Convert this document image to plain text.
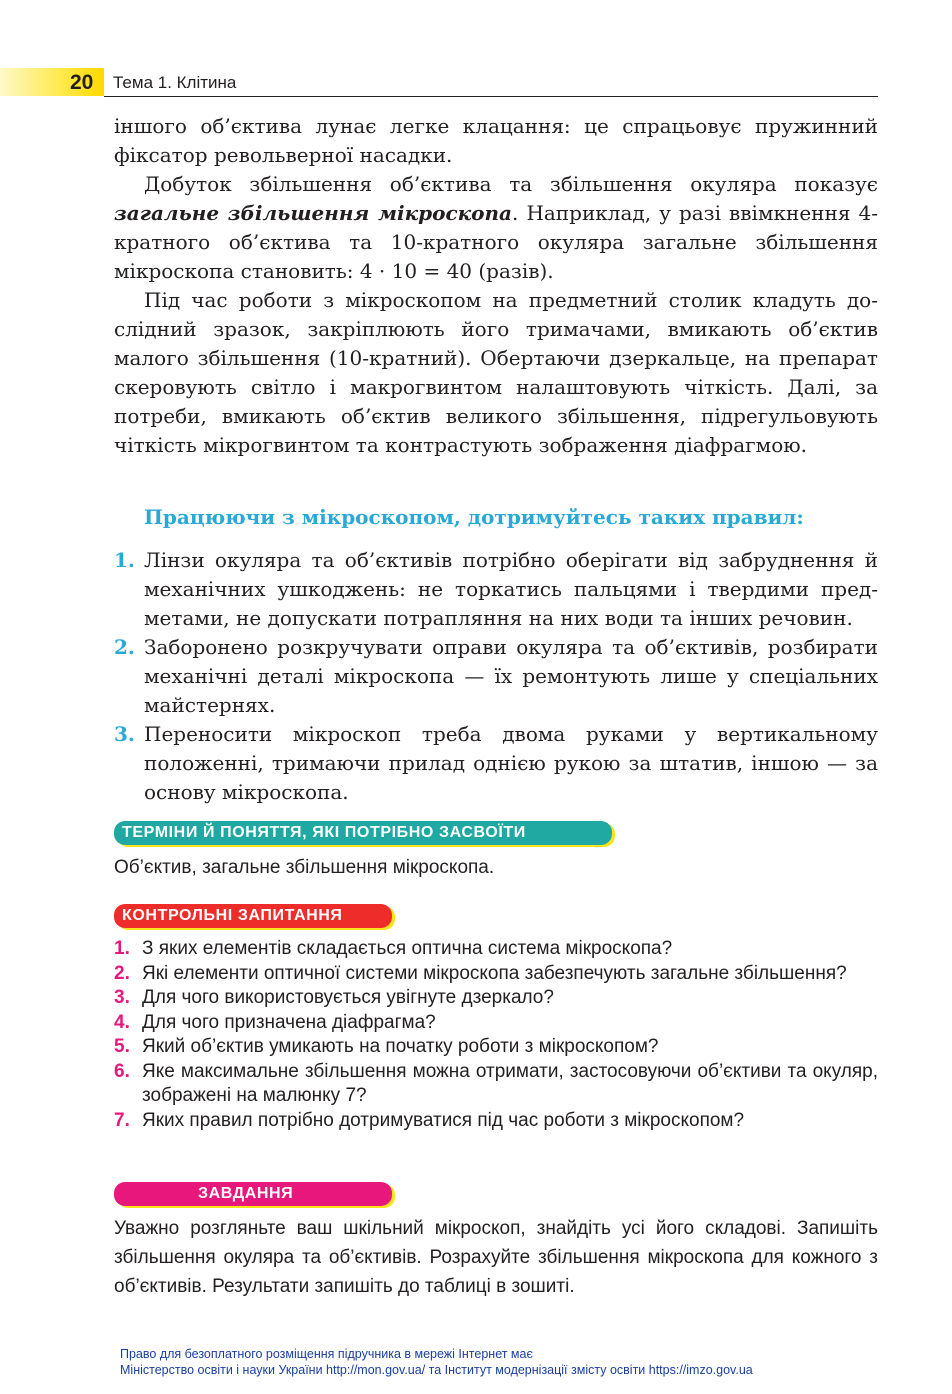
20	Тема 1. Клітина

іншого об’єктива лунає легке клацання: це спрацьовує пружинний фіксатор револьверної насадки.

Добуток збільшення об’єктива та збільшення окуляра показує загальне збільшення мікроскопа. Наприклад, у разі ввімкнення 4-кратного об’єктива та 10-кратного окуляра загальне збільшення мікроскопа становить: 4 · 10 = 40 (разів).

Під час роботи з мікроскопом на предметний столик кладуть дослідний зразок, закріплюють його тримачами, вмикають об’єктив малого збільшення (10-кратний). Обертаючи дзеркальце, на препарат скеровують світло і макрогвинтом налаштовують чіткість. Далі, за потреби, вмикають об’єктив великого збільшення, підрегульовують чіткість мікрогвинтом та контрастують зображення діафрагмою.

Працюючи з мікроскопом, дотримуйтесь таких правил:
1. Лінзи окуляра та об’єктивів потрібно оберігати від забруднення й механічних ушкоджень: не торкатись пальцями і твердими предметами, не допускати потрапляння на них води та інших речовин.
2. Заборонено розкручувати оправи окуляра та об’єктивів, розбирати механічні деталі мікроскопа — їх ремонтують лише у спеціальних майстернях.
3. Переносити мікроскоп треба двома руками у вертикальному положенні, тримаючи прилад однією рукою за штатив, іншою — за основу мікроскопа.
ТЕРМІНИ Й ПОНЯТТЯ, ЯКІ ПОТРІБНО ЗАСВОЇТИ
Об’єктив, загальне збільшення мікроскопа.
КОНТРОЛЬНІ ЗАПИТАННЯ
1. З яких елементів складається оптична система мікроскопа?
2. Які елементи оптичної системи мікроскопа забезпечують загальне збільшення?
3. Для чого використовується увігнуте дзеркало?
4. Для чого призначена діафрагма?
5. Який об’єктив умикають на початку роботи з мікроскопом?
6. Яке максимальне збільшення можна отримати, застосовуючи об’єктиви та окуляр, зображені на малюнку 7?
7. Яких правил потрібно дотримуватися під час роботи з мікроскопом?
ЗАВДАННЯ
Уважно розгляньте ваш шкільний мікроскоп, знайдіть усі його складові. Запишіть збільшення окуляра та об’єктивів. Розрахуйте збільшення мікроскопа для кожного з об’єктивів. Результати запишіть до таблиці в зошиті.
Право для безоплатного розміщення підручника в мережі Інтернет має
Міністерство освіти і науки України http://mon.gov.ua/ та Інститут модернізації змісту освіти https://imzo.gov.ua
